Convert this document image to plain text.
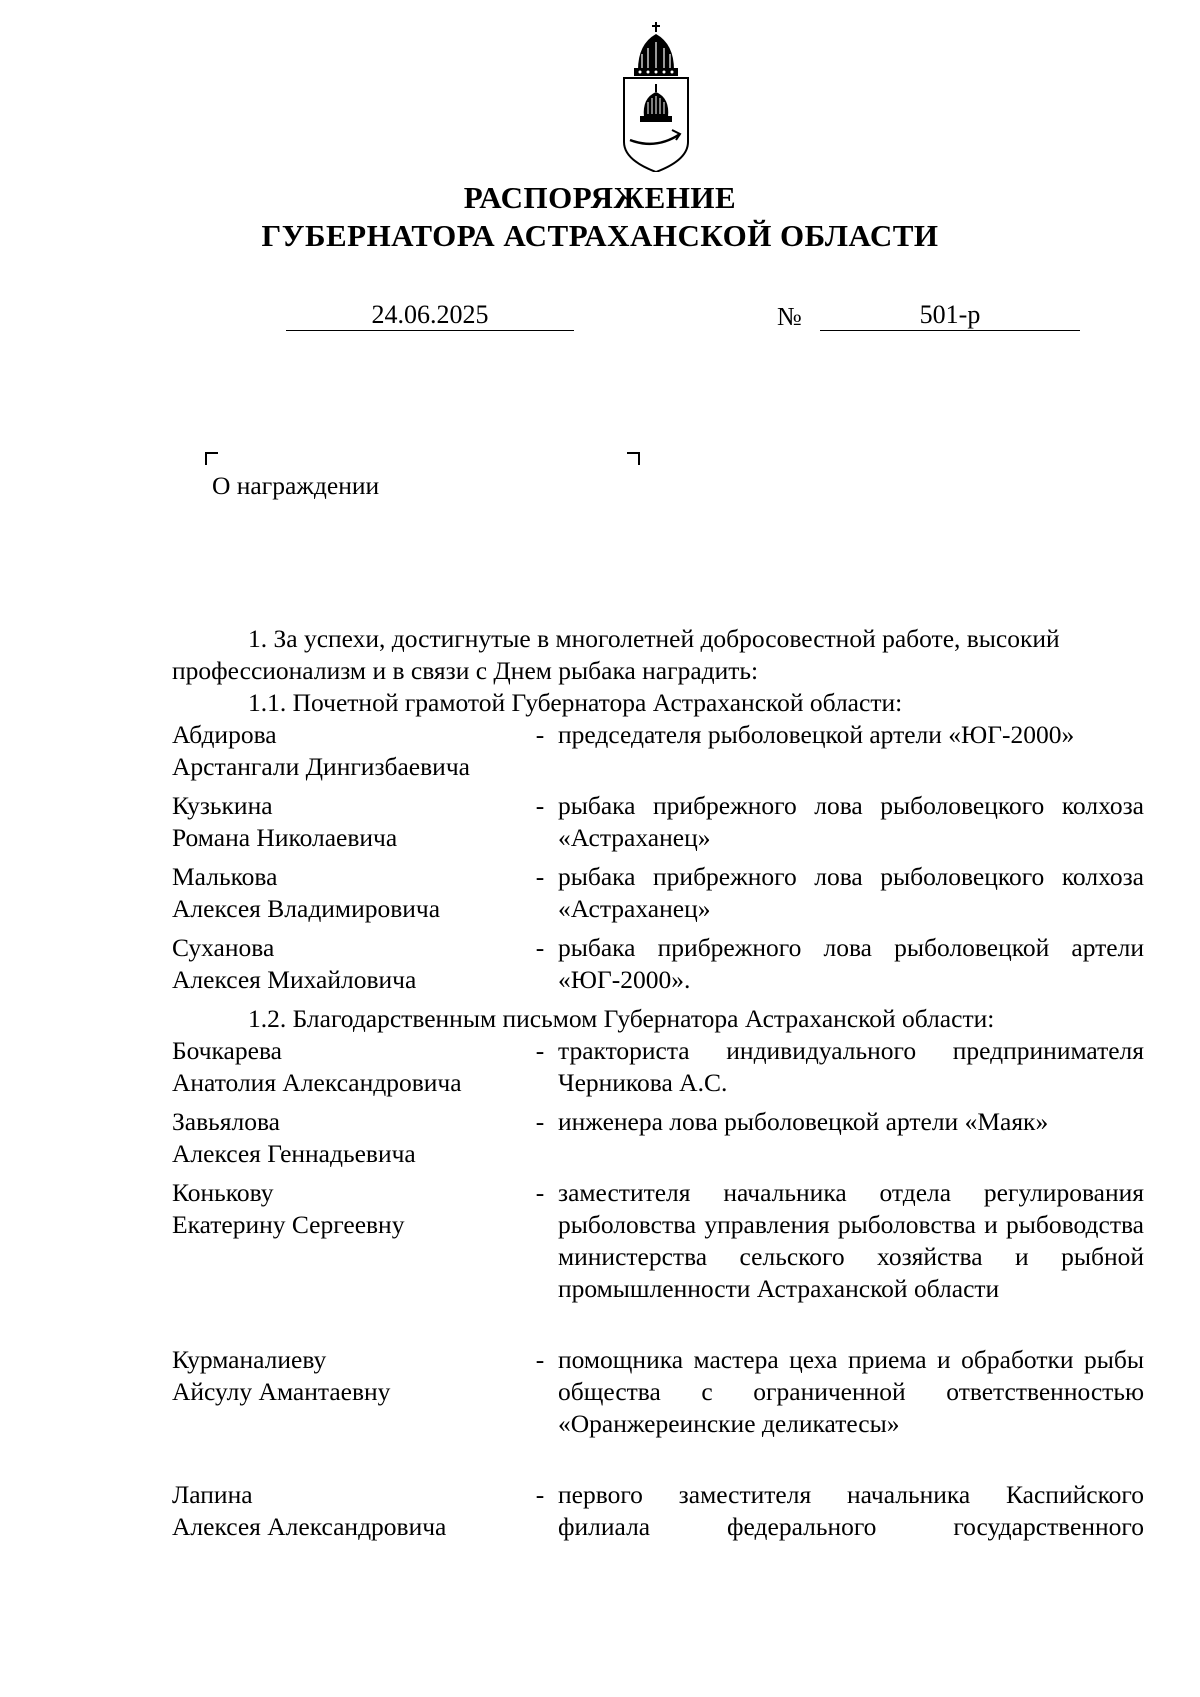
РАСПОРЯЖЕНИЕ
ГУБЕРНАТОРА АСТРАХАНСКОЙ ОБЛАСТИ
24.06.2025	№	501-р
О награждении
1. За успехи, достигнутые в многолетней добросовестной работе, высокий
профессионализм и в связи с Днем рыбака наградить:
1.1. Почетной грамотой Губернатора Астраханской области:
Абдирова
Арстангали Дингизбаевича
- председателя рыболовецкой артели «ЮГ-2000»
Кузькина
Романа Николаевича
- рыбака прибрежного лова рыболовецкого колхоза «Астраханец»
Малькова
Алексея Владимировича
- рыбака прибрежного лова рыболовецкого колхоза «Астраханец»
Суханова
Алексея Михайловича
- рыбака прибрежного лова рыболовецкой артели «ЮГ-2000».
1.2. Благодарственным письмом Губернатора Астраханской области:
Бочкарева
Анатолия Александровича
- тракториста индивидуального предпринимателя Черникова А.С.
Завьялова
Алексея Геннадьевича
- инженера лова рыболовецкой артели «Маяк»
Конькову
Екатерину Сергеевну
- заместителя начальника отдела регулирования рыболовства управления рыболовства и рыбоводства министерства сельского хозяйства и рыбной промышленности Астраханской области
Курманалиеву
Айсулу Амантаевну
- помощника мастера цеха приема и обработки рыбы общества с ограниченной ответственностью «Оранжереинские деликатесы»
Лапина
Алексея Александровича
- первого заместителя начальника Каспийского филиала федерального государственного
